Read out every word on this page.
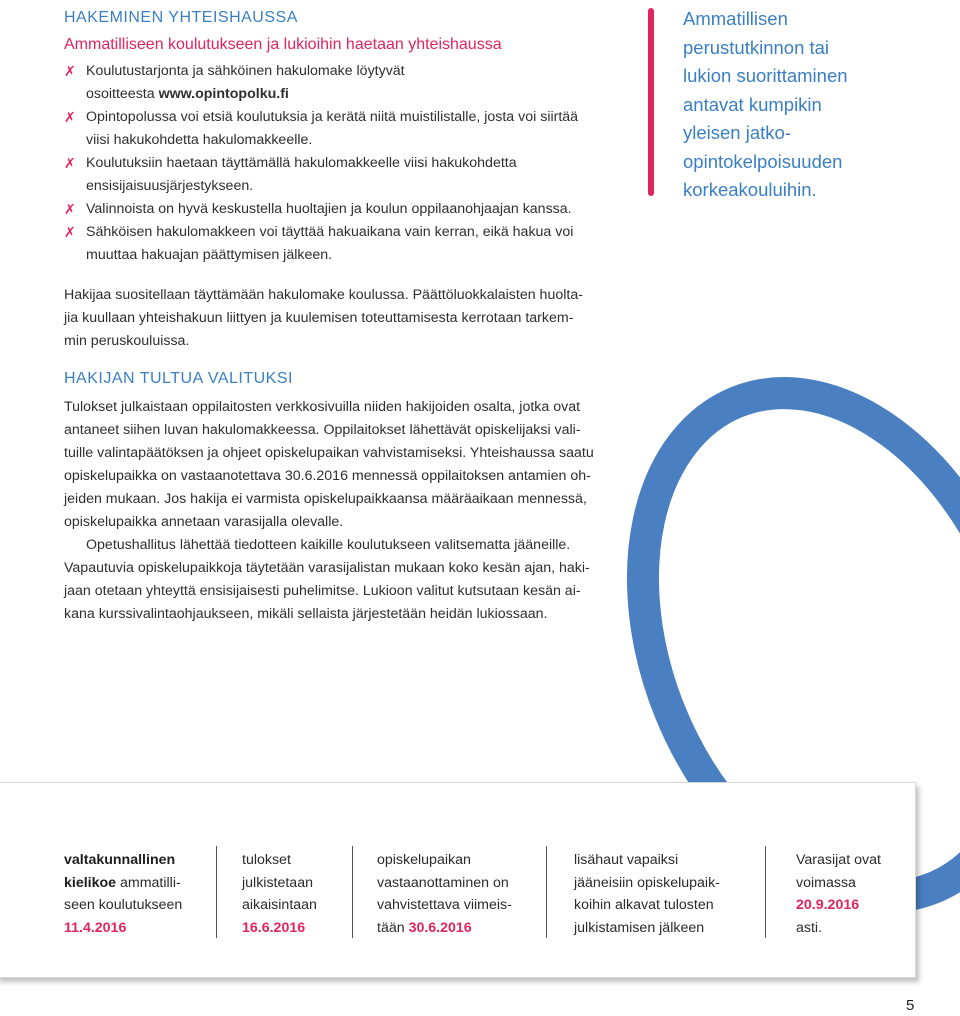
HAKEMINEN YHTEISHAUSSA
Ammatilliseen koulutukseen ja lukioihin haetaan yhteishaussa
✗ Koulutustarjonta ja sähköinen hakulomake löytyvät
osoitteesta www.opintopolku.fi
✗ Opintopolussa voi etsiä koulutuksia ja kerätä niitä muistilistalle, josta voi siirtää
viisi hakukohdetta hakulomakkeelle.
✗ Koulutuksiin haetaan täyttämällä hakulomakkeelle viisi hakukohdetta
ensisijaisuusjärjestykseen.
✗ Valinnoista on hyvä keskustella huoltajien ja koulun oppilaanohjaajan kanssa.
✗ Sähköisen hakulomakkeen voi täyttää hakuaikana vain kerran, eikä hakua voi
muuttaa hakuajan päättymisen jälkeen.
Hakijaa suositellaan täyttämään hakulomake koulussa. Päättöluokkalaisten huolta-
jia kuullaan yhteishakuun liittyen ja kuulemisen toteuttamisesta kerrotaan tarkem-
min peruskouluissa.
Ammatillisen
perustutkinnon tai
lukion suorittaminen
antavat kumpikin
yleisen jatko-
opintokelpoisuuden
korkeakouluihin.
HAKIJAN TULTUA VALITUKSI
Tulokset julkaistaan oppilaitosten verkkosivuilla niiden hakijoiden osalta, jotka ovat
antaneet siihen luvan hakulomakkeessa. Oppilaitokset lähettävät opiskelijaksi vali-
tuille valintapäätöksen ja ohjeet opiskelupaikan vahvistamiseksi. Yhteishaussa saatu
opiskelupaikka on vastaanotettava 30.6.2016 mennessä oppilaitoksen antamien oh-
jeiden mukaan. Jos hakija ei varmista opiskelupaikkaansa määräaikaan mennessä,
opiskelupaikka annetaan varasijalla olevalle.
Opetushallitus lähettää tiedotteen kaikille koulutukseen valitsematta jääneille.
Vapautuvia opiskelupaikkoja täytetään varasijalistan mukaan koko kesän ajan, haki-
jaan otetaan yhteyttä ensisijaisesti puhelimitse. Lukioon valitut kutsutaan kesän ai-
kana kurssivalintaohjaukseen, mikäli sellaista järjestetään heidän lukiossaan.
valtakunnallinen
kielikoe ammatilli-
seen koulutukseen
11.4.2016
tulokset
julkistetaan
aikaisintaan
16.6.2016
opiskelupaikan
vastaanottaminen on
vahvistettava viimeis-
tään 30.6.2016
lisähaut vapaiksi
jääneisiin opiskelupaik-
koihin alkavat tulosten
julkistamisen jälkeen
Varasijat ovat
voimassa
20.9.2016
asti.
5
